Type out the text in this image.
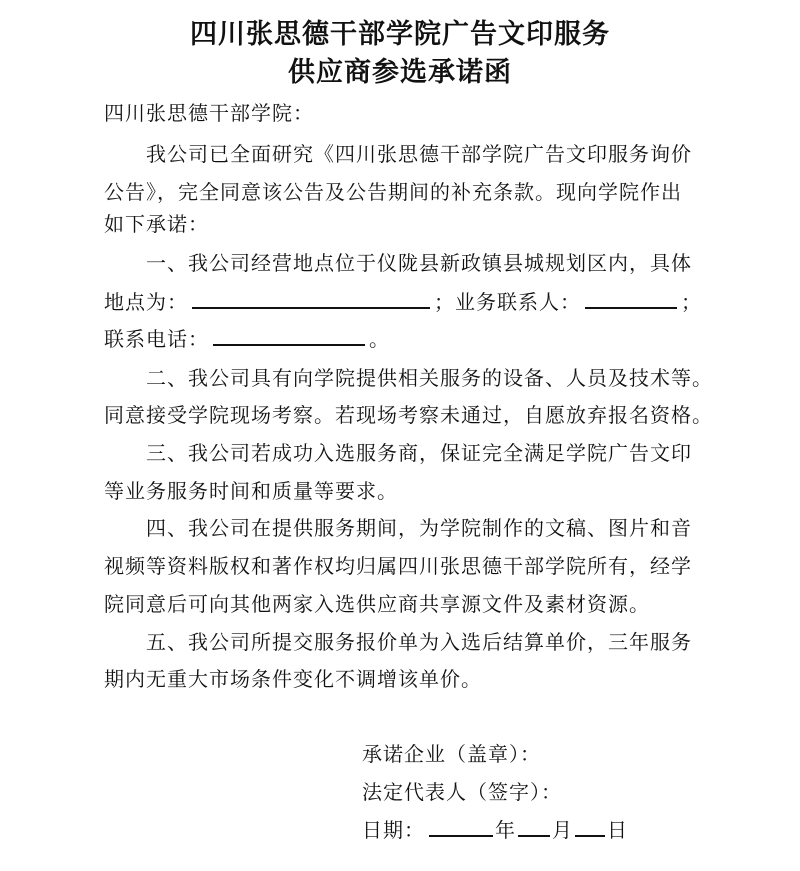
四川张思德干部学院广告文印服务
供应商参选承诺函
四川张思德干部学院：
我公司已全面研究《四川张思德干部学院广告文印服务询价
公告》，完全同意该公告及公告期间的补充条款。现向学院作出
如下承诺：
一、我公司经营地点位于仪陇县新政镇县城规划区内，具体
地点为：	；业务联系人：	；
联系电话：	。
二、我公司具有向学院提供相关服务的设备、人员及技术等。
同意接受学院现场考察。若现场考察未通过，自愿放弃报名资格。
三、我公司若成功入选服务商，保证完全满足学院广告文印
等业务服务时间和质量等要求。
四、我公司在提供服务期间，为学院制作的文稿、图片和音
视频等资料版权和著作权均归属四川张思德干部学院所有，经学
院同意后可向其他两家入选供应商共享源文件及素材资源。
五、我公司所提交服务报价单为入选后结算单价，三年服务
期内无重大市场条件变化不调增该单价。
承诺企业（盖章）：
法定代表人（签字）：
日期：	年 月 日
